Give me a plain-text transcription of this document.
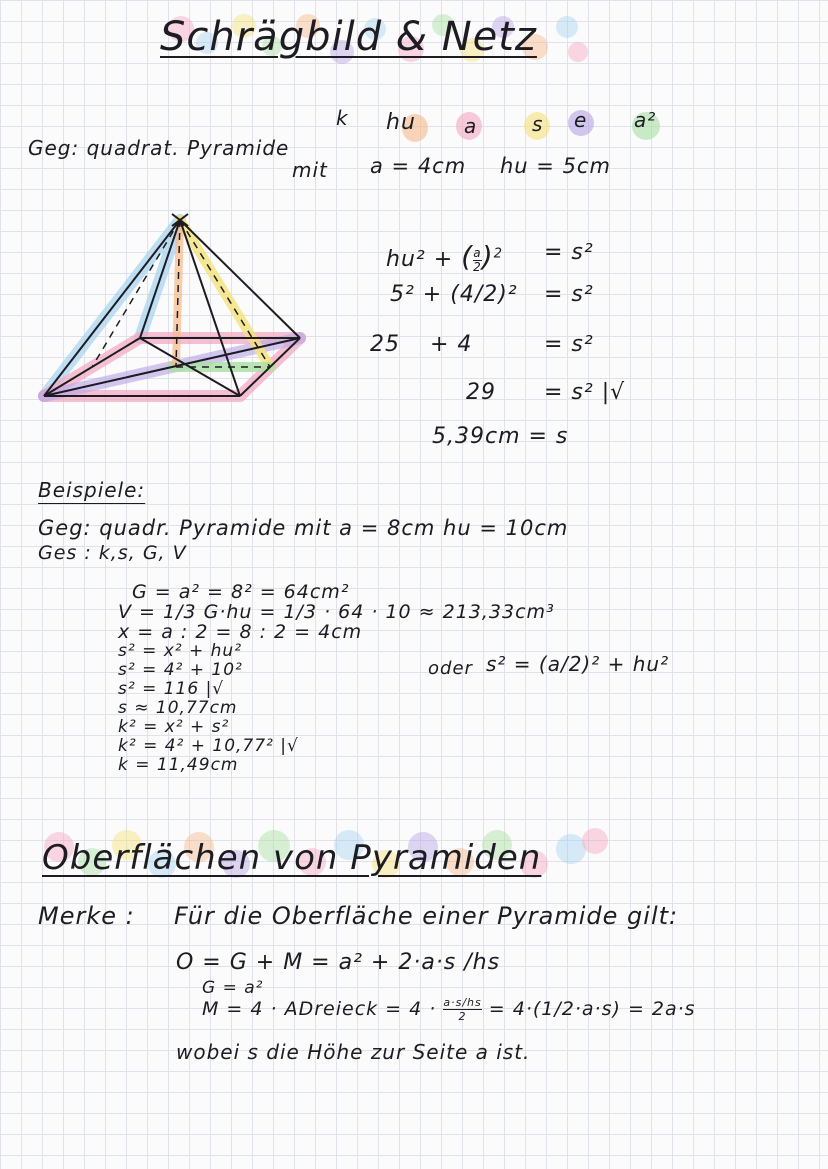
Schrägbild & Netz
k hu a	s e a²
Geg: quadrat. Pyramide
mit a = 4cm hu = 5cm
hu² + ( $\frac{a}{2} )^2 = s^2$
5² + (4/2)² = s²
25 + 4	= s²
29 = s² |√
5,39cm = s
Beispiele:
Geg: quadr. Pyramide mit a = 8cm hu = 10cm
Ges : k,s, G, V
G = a² = 8² = 64cm²
V = 1/3 G·hu = 1/3 · 64 · 10 ≈ 213,33cm³
x = a : 2 = 8 : 2 = 4cm
s² = x² + hu²
s² = 4² + 10²
s² = 116 |√
s ≈ 10,77cm
k² = x² + s²
k² = 4² + 10,77² |√
k = 11,49cm
oder s² = (a/2)² + hu²
Oberflächen von Pyramiden
Merke : Für die Oberfläche einer Pyramide gilt:
O = G + M = a² + 2·a·s /hs
G = a²
M = 4 · ADreieck = $4 \cdot \frac{a\cdot s/hs}{2} = 4\cdot(1/2\cdot a\cdot s) = 2a\cdot s$
wobei s die Höhe zur Seite a ist.
